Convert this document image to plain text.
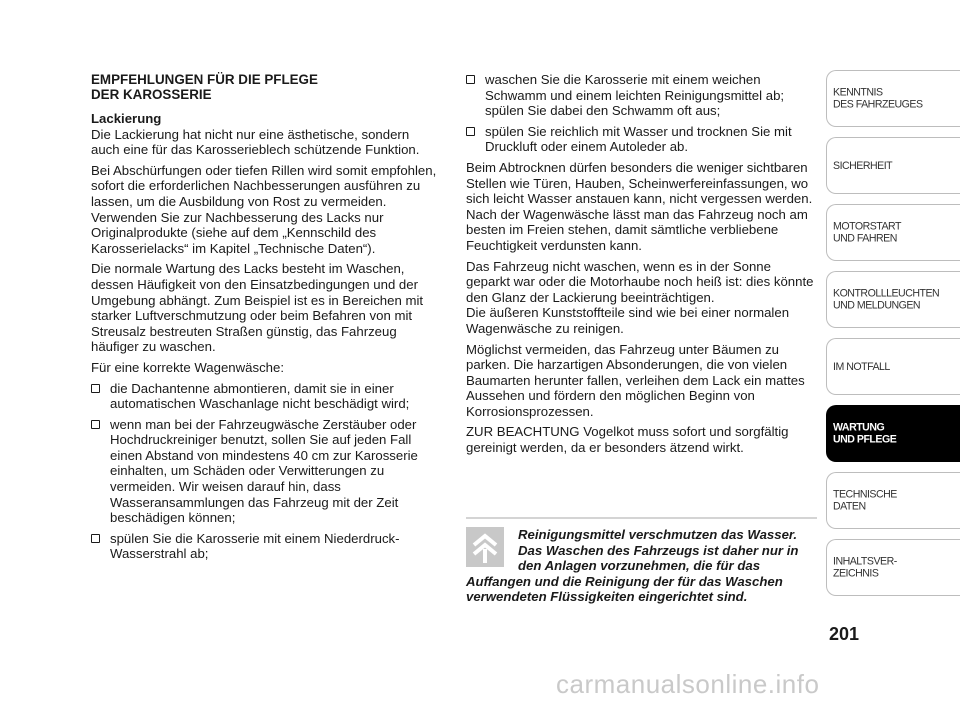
EMPFEHLUNGEN FÜR DIE PFLEGE
DER KAROSSERIE
Lackierung

Die Lackierung hat nicht nur eine ästhetische, sondern auch eine für das Karosserieblech schützende Funktion.

Bei Abschürfungen oder tiefen Rillen wird somit empfohlen, sofort die erforderlichen Nachbesserungen ausführen zu lassen, um die Ausbildung von Rost zu vermeiden. Verwenden Sie zur Nachbesserung des Lacks nur Originalprodukte (siehe auf dem „Kennschild des Karosserielacks“ im Kapitel „Technische Daten“).

Die normale Wartung des Lacks besteht im Waschen, dessen Häufigkeit von den Einsatzbedingungen und der Umgebung abhängt. Zum Beispiel ist es in Bereichen mit starker Luftverschmutzung oder beim Befahren von mit Streusalz bestreuten Straßen günstig, das Fahrzeug häufiger zu waschen.

Für eine korrekte Wagenwäsche:

die Dachantenne abmontieren, damit sie in einer automatischen Waschanlage nicht beschädigt wird;
wenn man bei der Fahrzeugwäsche Zerstäuber oder Hochdruckreiniger benutzt, sollen Sie auf jeden Fall einen Abstand von mindestens 40 cm zur Karosserie einhalten, um Schäden oder Verwitterungen zu vermeiden. Wir weisen darauf hin, dass Wasseransammlungen das Fahrzeug mit der Zeit beschädigen können;
spülen Sie die Karosserie mit einem Niederdruck-Wasserstrahl ab;
waschen Sie die Karosserie mit einem weichen Schwamm und einem leichten Reinigungsmittel ab; spülen Sie dabei den Schwamm oft aus;
spülen Sie reichlich mit Wasser und trocknen Sie mit Druckluft oder einem Autoleder ab.

Beim Abtrocknen dürfen besonders die weniger sichtbaren Stellen wie Türen, Hauben, Scheinwerfereinfassungen, wo sich leicht Wasser anstauen kann, nicht vergessen werden. Nach der Wagenwäsche lässt man das Fahrzeug noch am besten im Freien stehen, damit sämtliche verbliebene Feuchtigkeit verdunsten kann.

Das Fahrzeug nicht waschen, wenn es in der Sonne geparkt war oder die Motorhaube noch heiß ist: dies könnte den Glanz der Lackierung beeinträchtigen.

Die äußeren Kunststoffteile sind wie bei einer normalen Wagenwäsche zu reinigen.

Möglichst vermeiden, das Fahrzeug unter Bäumen zu parken. Die harzartigen Absonderungen, die von vielen Baumarten herunter fallen, verleihen dem Lack ein mattes Aussehen und fördern den möglichen Beginn von Korrosionsprozessen.

ZUR BEACHTUNG Vogelkot muss sofort und sorgfältig gereinigt werden, da er besonders ätzend wirkt.

Reinigungsmittel verschmutzen das Wasser. Das Waschen des Fahrzeugs ist daher nur in den Anlagen vorzunehmen, die für das Auffangen und die Reinigung der für das Waschen verwendeten Flüssigkeiten eingerichtet sind.
KENNTNIS
DES FAHRZEUGES
SICHERHEIT
MOTORSTART
UND FAHREN
KONTROLLLEUCHTEN
UND MELDUNGEN
IM NOTFALL
WARTUNG
UND PFLEGE
TECHNISCHE
DATEN
INHALTSVER-
ZEICHNIS
201
carmanualsonline.info
